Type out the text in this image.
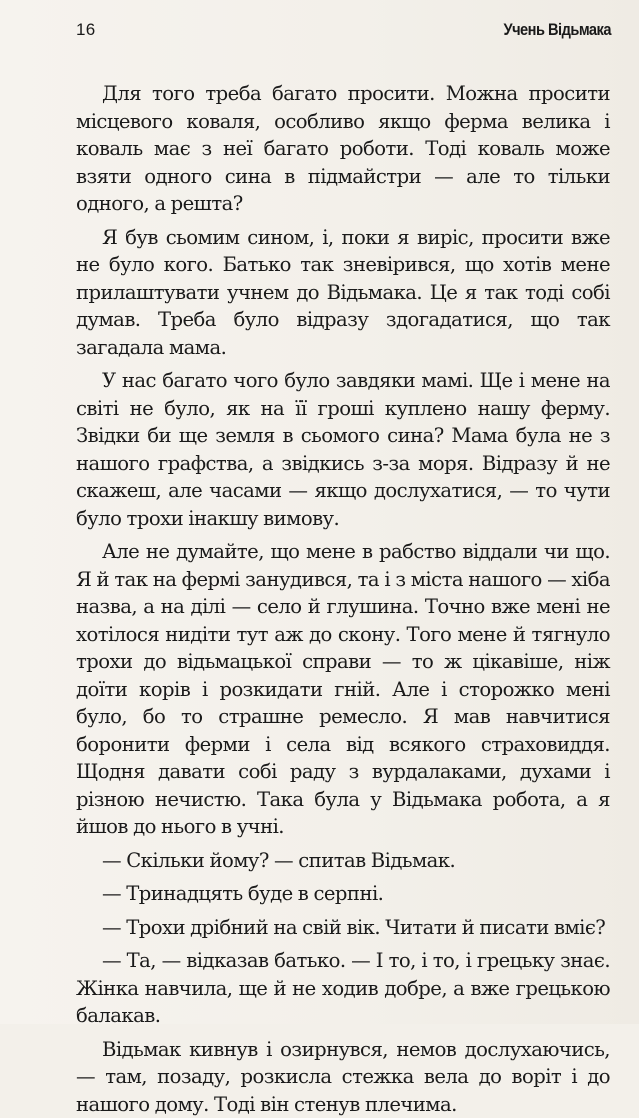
16	Учень Відьмака

Для того треба багато просити. Можна просити місцевого коваля, особливо якщо ферма велика і коваль має з неї багато роботи. Тоді коваль може взяти одного сина в підмайстри — але то тільки одного, а решта?

Я був сьомим сином, і, поки я виріс, просити вже не було кого. Батько так зневірився, що хотів мене прилаштувати учнем до Відьмака. Це я так тоді собі думав. Треба було відразу здогадатися, що так загадала мама.

У нас багато чого було завдяки мамі. Ще і мене на світі не було, як на її гроші куплено нашу ферму. Звідки би ще земля в сьомого сина? Мама була не з нашого графства, а звідкись з-за моря. Відразу й не скажеш, але часами — якщо дослухатися, — то чути було трохи інакшу вимову.

Але не думайте, що мене в рабство віддали чи що. Я й так на фермі занудився, та і з міста нашого — хіба назва, а на ділі — село й глушина. Точно вже мені не хотілося нидіти тут аж до скону. Того мене й тягнуло трохи до відьмацької справи — то ж цікавіше, ніж доїти корів і розкидати гній. Але і сторожко мені було, бо то страшне ремесло. Я мав навчитися боронити ферми і села від всякого страховиддя. Щодня давати собі раду з вурдалаками, духами і різною нечистю. Така була у Відьмака робота, а я йшов до нього в учні.

— Скільки йому? — спитав Відьмак.

— Тринадцять буде в серпні.

— Трохи дрібний на свій вік. Читати й писати вміє?

— Та, — відказав батько. — І то, і то, і грецьку знає. Жінка навчила, ще й не ходив добре, а вже грецькою балакав.

Відьмак кивнув і озирнувся, немов дослухаючись, — там, позаду, розкисла стежка вела до воріт і до нашого дому. Тоді він стенув плечима.
